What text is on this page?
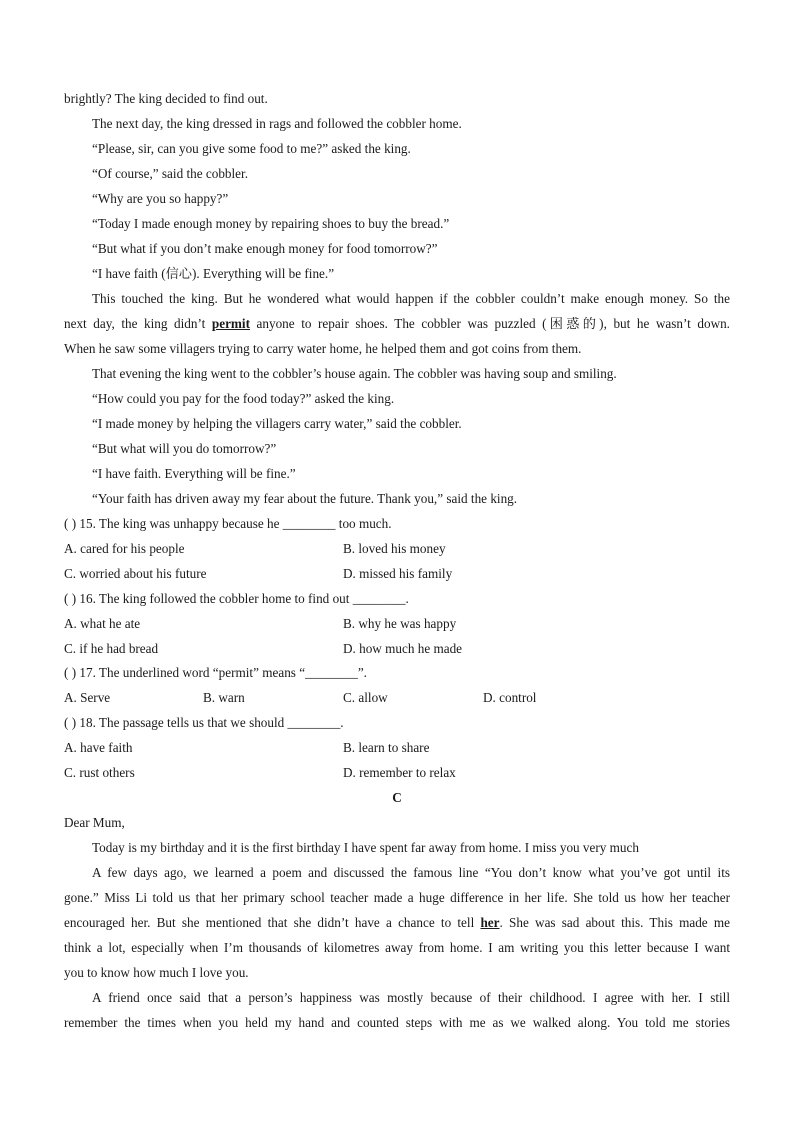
brightly? The king decided to find out.
The next day, the king dressed in rags and followed the cobbler home.
“Please, sir, can you give some food to me?” asked the king.
“Of course,” said the cobbler.
“Why are you so happy?”
“Today I made enough money by repairing shoes to buy the bread.”
“But what if you don’t make enough money for food tomorrow?”
“I have faith (信心). Everything will be fine.”
This touched the king. But he wondered what would happen if the cobbler couldn’t make enough money. So the
next day, the king didn’t permit anyone to repair shoes. The cobbler was puzzled (困惑的), but he wasn’t down.
When he saw some villagers trying to carry water home, he helped them and got coins from them.
That evening the king went to the cobbler’s house again. The cobbler was having soup and smiling.
“How could you pay for the food today?” asked the king.
“I made money by helping the villagers carry water,” said the cobbler.
“But what will you do tomorrow?”
“I have faith. Everything will be fine.”
“Your faith has driven away my fear about the future. Thank you,” said the king.
( ) 15. The king was unhappy because he ________ too much.
A. cared for his people	B. loved his money
C. worried about his future	D. missed his family
( ) 16. The king followed the cobbler home to find out ________.
A. what he ate	B. why he was happy
C. if he had bread	D. how much he made
( ) 17. The underlined word “permit” means “________”.
A. Serve	B. warn	C. allow	D. control
( ) 18. The passage tells us that we should ________.
A. have faith	B. learn to share
C. rust others	D. remember to relax
C
Dear Mum,
Today is my birthday and it is the first birthday I have spent far away from home. I miss you very much
A few days ago, we learned a poem and discussed the famous line “You don’t know what you’ve got until its
gone.” Miss Li told us that her primary school teacher made a huge difference in her life. She told us how her teacher
encouraged her. But she mentioned that she didn’t have a chance to tell her. She was sad about this. This made me
think a lot, especially when I’m thousands of kilometres away from home. I am writing you this letter because I want
you to know how much I love you.
A friend once said that a person’s happiness was mostly because of their childhood. I agree with her. I still
remember the times when you held my hand and counted steps with me as we walked along. You told me stories
